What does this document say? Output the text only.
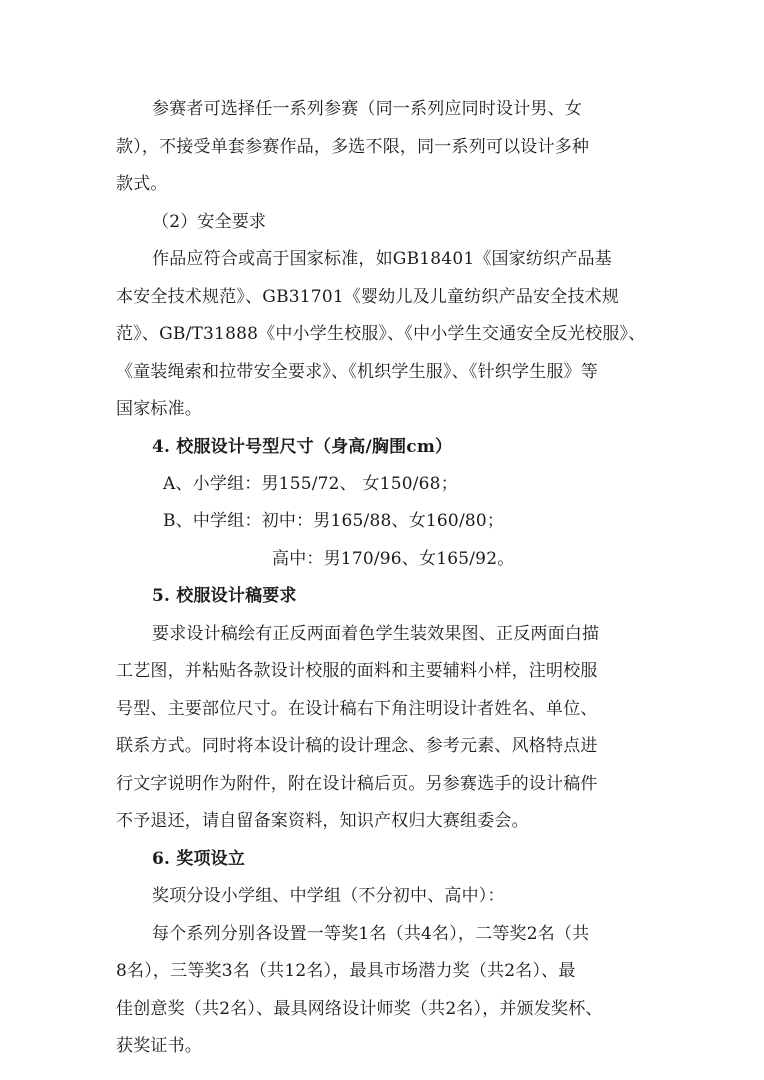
参赛者可选择任一系列参赛（同一系列应同时设计男、女
款），不接受单套参赛作品，多选不限，同一系列可以设计多种
款式。
（2）安全要求
作品应符合或高于国家标准，如GB18401《国家纺织产品基
本安全技术规范》、GB31701《婴幼儿及儿童纺织产品安全技术规
范》、GB/T31888《中小学生校服》、《中小学生交通安全反光校服》、
《童装绳索和拉带安全要求》、《机织学生服》、《针织学生服》等
国家标准。
4. 校服设计号型尺寸（身高/胸围cm）
A、小学组：男155/72、 女150/68；
B、中学组：初中：男165/88、女160/80；
高中：男170/96、女165/92。
5. 校服设计稿要求
要求设计稿绘有正反两面着色学生装效果图、正反两面白描
工艺图，并粘贴各款设计校服的面料和主要辅料小样，注明校服
号型、主要部位尺寸。在设计稿右下角注明设计者姓名、单位、
联系方式。同时将本设计稿的设计理念、参考元素、风格特点进
行文字说明作为附件，附在设计稿后页。另参赛选手的设计稿件
不予退还，请自留备案资料，知识产权归大赛组委会。
6. 奖项设立
奖项分设小学组、中学组（不分初中、高中）：
每个系列分别各设置一等奖1名（共4名），二等奖2名（共
8名），三等奖3名（共12名），最具市场潜力奖（共2名）、最
佳创意奖（共2名）、最具网络设计师奖（共2名），并颁发奖杯、
获奖证书。
